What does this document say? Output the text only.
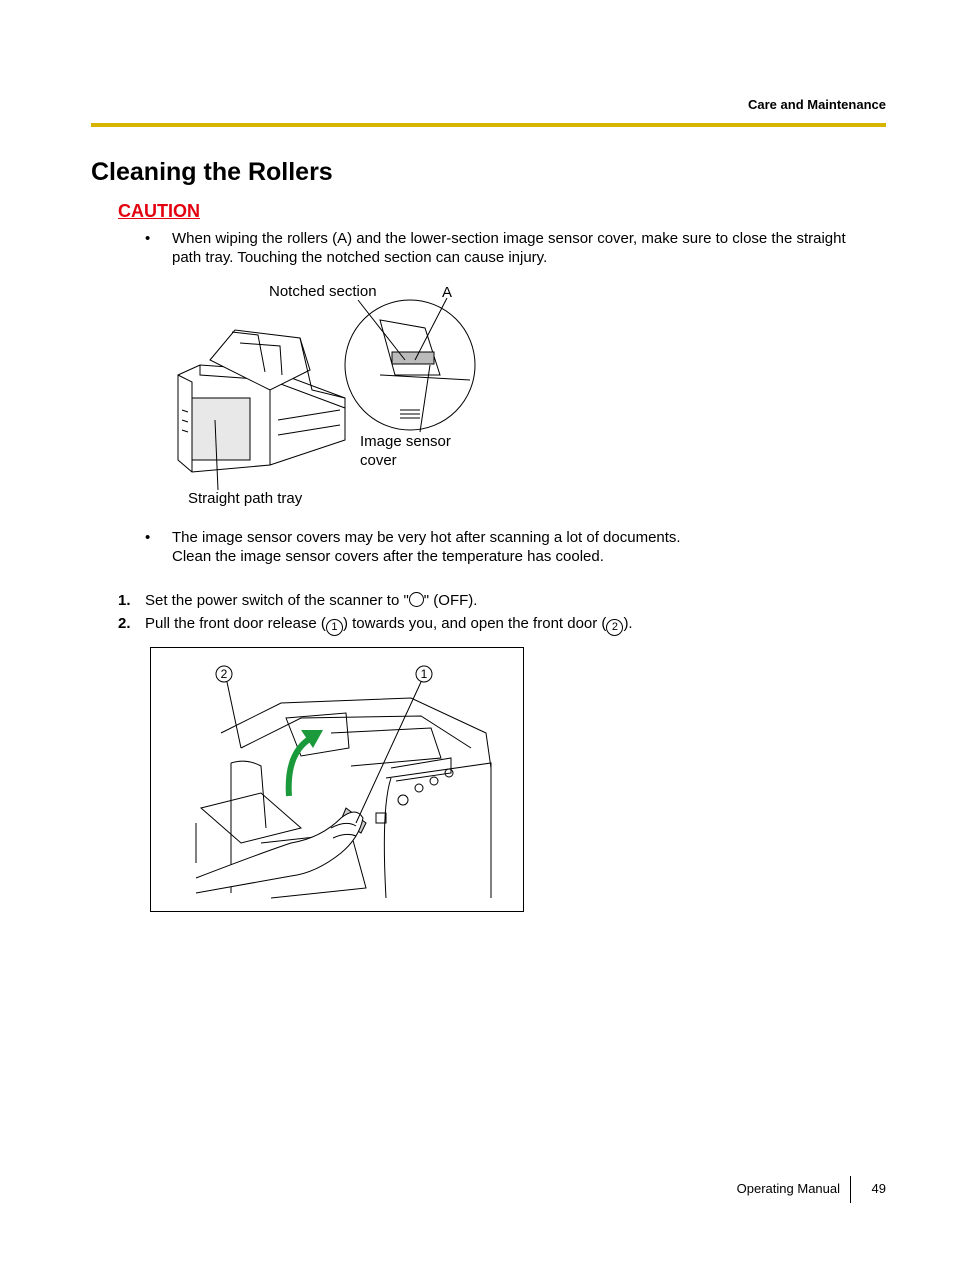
Care and Maintenance
Cleaning the Rollers
CAUTION
• When wiping the rollers (A) and the lower-section image sensor cover, make sure to close the straight
path tray. Touching the notched section can cause injury.
Notched section	A
Image sensor
cover
Straight path tray
• The image sensor covers may be very hot after scanning a lot of documents.
Clean the image sensor covers after the temperature has cooled.
1. Set the power switch of the scanner to " " (OFF).
2. Pull the front door release ( 1 ) towards you, and open the front door ( 2 ).
2	1
Operating Manual	49
